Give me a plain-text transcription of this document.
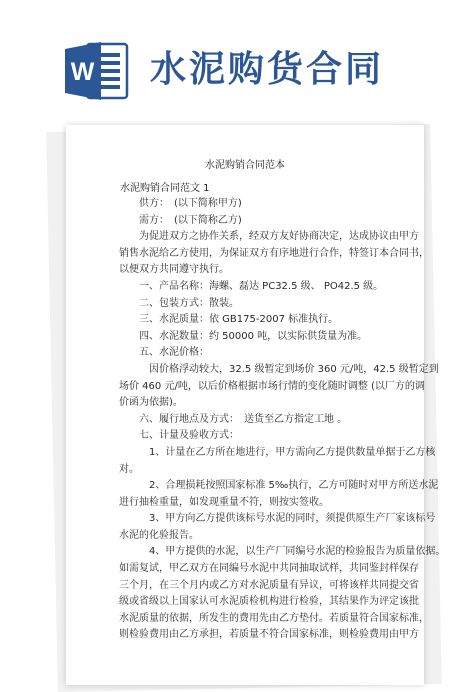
W 水泥购货合同
水泥购销合同范本
水泥购销合同范文 1
　　供方：　(以下简称甲方)
　　需方：　(以下简称乙方)
　　为促进双方之协作关系，经双方友好协商决定，达成协议由甲方
销售水泥给乙方使用，为保证双方有序地进行合作，特签订本合同书，
以便双方共同遵守执行。
　　一、产品名称：海螺、磊达 PC32.5 级、 PO42.5 级。
　　二、包装方式：散装。
　　三、水泥质量：依 GB175-2007 标准执行。
　　四、水泥数量：约 50000 吨，以实际供货量为准。
　　五、水泥价格：
　　　因价格浮动较大，32.5 级暂定到场价 360 元/吨，42.5 级暂定到
场价 460 元/吨，以后价格根据市场行情的变化随时调整 (以厂方的调
价函为依据)。
　　六、履行地点及方式：　送货至乙方指定工地 。
　　七、计量及验收方式：
　　　1、计量在乙方所在地进行，甲方需向乙方提供数量单据于乙方核
对。
　　　2、合理损耗按照国家标准 5‰执行，乙方可随时对甲方所送水泥
进行抽检重量，如发现重量不符，则按实签收。
　　　3、甲方向乙方提供该标号水泥的同时，须提供原生产厂家该标号
水泥的化验报告。
　　　4、甲方提供的水泥，以生产厂同编号水泥的检验报告为质量依据。
如需复试，甲乙双方在同编号水泥中共同抽取试样，共同鉴封样保存
三个月，在三个月内或乙方对水泥质量有异议，可将该样共同提交省
级或省级以上国家认可水泥质检机构进行检验，其结果作为评定该批
水泥质量的依据，所发生的费用先由乙方垫付。若质量符合国家标准，
则检验费用由乙方承担，若质量不符合国家标准，则检验费用由甲方
